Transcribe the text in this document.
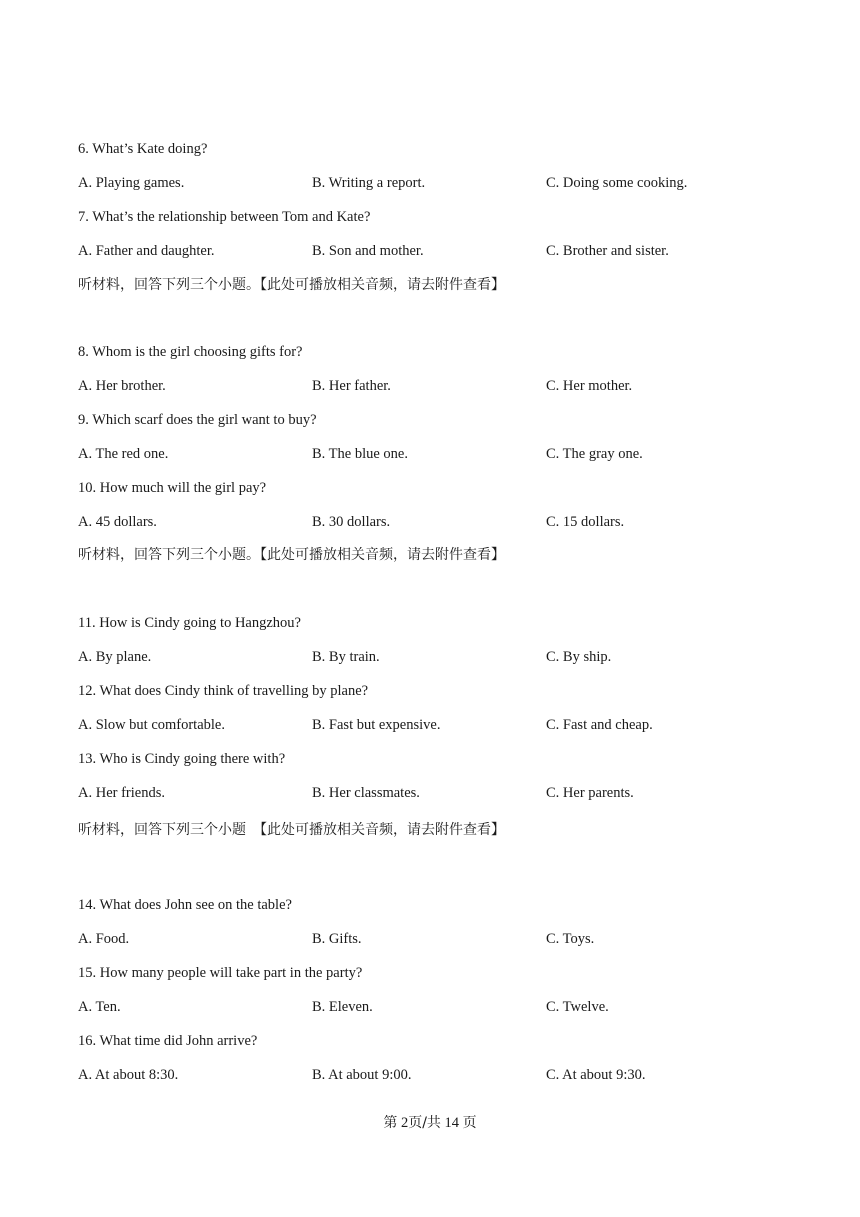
6. What’s Kate doing?
A. Playing games.	B. Writing a report.	C. Doing some cooking.
7. What’s the relationship between Tom and Kate?
A. Father and daughter.	B. Son and mother.	C. Brother and sister.
听材料，回答下列三个小题。【此处可播放相关音频，请去附件查看】
8. Whom is the girl choosing gifts for?
A. Her brother.	B. Her father.	C. Her mother.
9. Which scarf does the girl want to buy?
A. The red one.	B. The blue one.	C. The gray one.
10. How much will the girl pay?
A. 45 dollars.	B. 30 dollars.	C. 15 dollars.
听材料，回答下列三个小题。【此处可播放相关音频，请去附件查看】
11. How is Cindy going to Hangzhou?
A. By plane.	B. By train.	C. By ship.
12. What does Cindy think of travelling by plane?
A. Slow but comfortable.	B. Fast but expensive.	C. Fast and cheap.
13. Who is Cindy going there with?
A. Her friends.	B. Her classmates.	C. Her parents.
听材料，回答下列三个小题　【此处可播放相关音频，请去附件查看】
14. What does John see on the table?
A. Food.	B. Gifts.	C. Toys.
15. How many people will take part in the party?
A. Ten.	B. Eleven.	C. Twelve.
16. What time did John arrive?
A. At about 8:30.	B. At about 9:00.	C. At about 9:30.
第 2页/共 14 页
